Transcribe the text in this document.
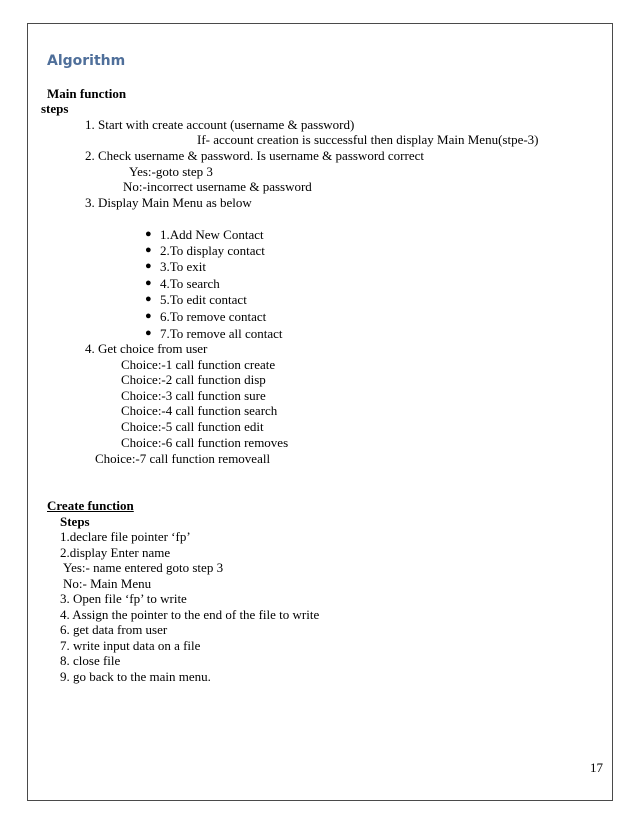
Algorithm
Main function
steps
1. Start with create account (username & password)
If- account creation is successful then display Main Menu(stpe-3)
2. Check username & password. Is username & password correct
Yes:-goto step 3
No:-incorrect username & password
3. Display Main Menu as below
● 1.Add New Contact
● 2.To display contact
● 3.To exit
● 4.To search
● 5.To edit contact
● 6.To remove contact
● 7.To remove all contact
4. Get choice from user
Choice:-1 call function create
Choice:-2 call function disp
Choice:-3 call function sure
Choice:-4 call function search
Choice:-5 call function edit
Choice:-6 call function removes
Choice:-7 call function removeall
Create function
Steps
1.declare file pointer ‘fp’
2.display Enter name
Yes:- name entered goto step 3
No:- Main Menu
3. Open file ‘fp’ to write
4. Assign the pointer to the end of the file to write
6. get data from user
7. write input data on a file
8. close file
9. go back to the main menu.
17
